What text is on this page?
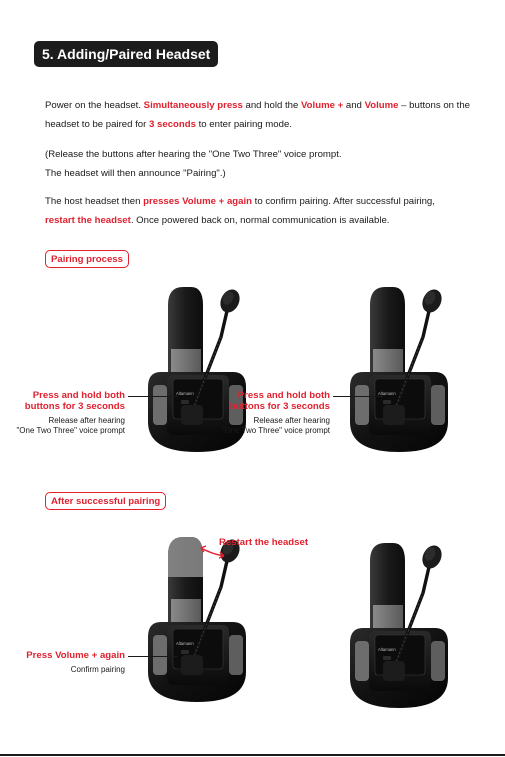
5. Adding/Paired Headset
Power on the headset. Simultaneously press and hold the Volume + and Volume – buttons on the
headset to be paired for 3 seconds to enter pairing mode.
(Release the buttons after hearing the "One Two Three" voice prompt.
The headset will then announce "Pairing".)
The host headset then presses Volume + again to confirm pairing. After successful pairing,
restart the headset. Once powered back on, normal communication is available.
Pairing process
Press and hold both
buttons for 3 seconds
Release after hearing
"One Two Three" voice prompt
Press and hold both
buttons for 3 seconds
Release after hearing
"One Two Three" voice prompt
After successful pairing
Restart the headset
Press Volume + again
Confirm pairing
